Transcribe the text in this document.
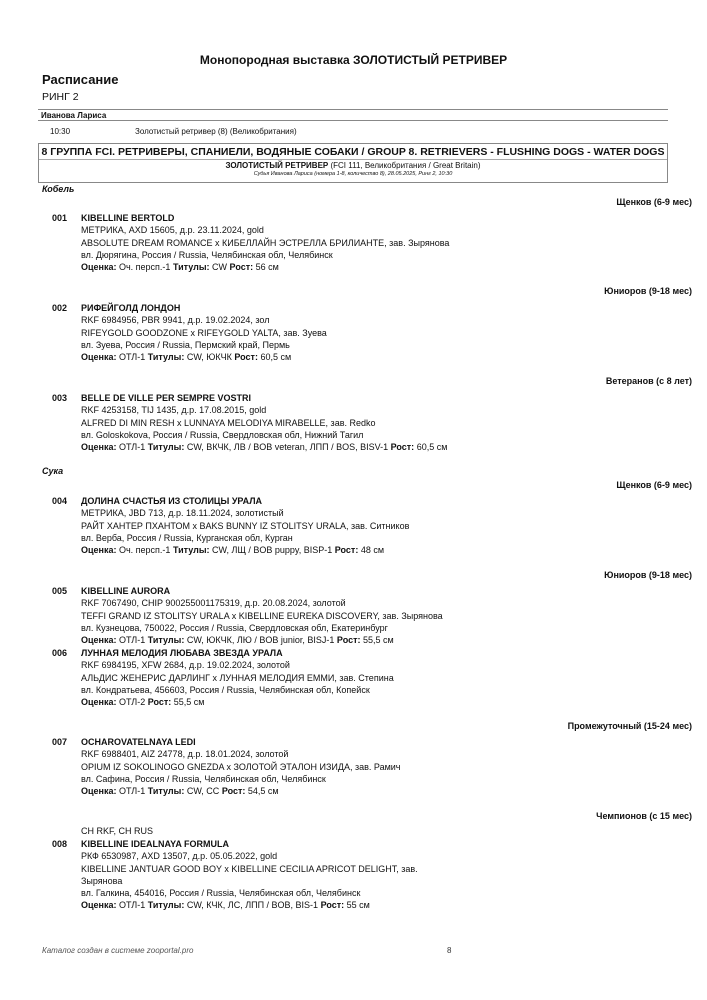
Монопородная выставка ЗОЛОТИСТЫЙ РЕТРИВЕР
Расписание
РИНГ 2
Иванова Лариса
10:30	Золотистый ретривер (8) (Великобритания)
8 ГРУППА FCI. РЕТРИВЕРЫ, СПАНИЕЛИ, ВОДЯНЫЕ СОБАКИ / GROUP 8. RETRIEVERS - FLUSHING DOGS - WATER DOGS
ЗОЛОТИСТЫЙ РЕТРИВЕР (FCI 111, Великобритания / Great Britain)
Судья Иванова Лариса (номера 1-8, количество 8), 28.05.2025, Ринг 2, 10:30
Кобель
Щенков (6-9 мес)
001 KIBELLINE BERTOLD
МЕТРИКА, AXD 15605, д.р. 23.11.2024, gold
ABSOLUTE DREAM ROMANCE x КИБЕЛЛАЙН ЭСТРЕЛЛА БРИЛИАНТЕ, зав. Зырянова
вл. Дюрягина, Россия / Russia, Челябинская обл, Челябинск
Оценка: Оч. персп.-1 Титулы: CW Рост: 56 см
Юниоров (9-18 мес)
002 РИФЕЙГОЛД ЛОНДОН
RKF 6984956, PBR 9941, д.р. 19.02.2024, зол
RIFEYGOLD GOODZONE x RIFEYGOLD YALTA, зав. Зуева
вл. Зуева, Россия / Russia, Пермский край, Пермь
Оценка: ОТЛ-1 Титулы: CW, ЮКЧК Рост: 60,5 см
Ветеранов (с 8 лет)
003 BELLE DE VILLE PER SEMPRE VOSTRI
RKF 4253158, TIJ 1435, д.р. 17.08.2015, gold
ALFRED DI MIN RESH x LUNNAYA MELODIYA MIRABELLE, зав. Redko
вл. Goloskokova, Россия / Russia, Свердловская обл, Нижний Тагил
Оценка: ОТЛ-1 Титулы: CW, ВКЧК, ЛВ / BOB veteran, ЛПП / BOS, BISV-1 Рост: 60,5 см
Сука
Щенков (6-9 мес)
004 ДОЛИНА СЧАСТЬЯ ИЗ СТОЛИЦЫ УРАЛА
МЕТРИКА, JBD 713, д.р. 18.11.2024, золотистый
РАЙТ ХАНТЕР ПХАНТОМ x BAKS BUNNY IZ STOLITSY URALA, зав. Ситников
вл. Верба, Россия / Russia, Курганская обл, Курган
Оценка: Оч. персп.-1 Титулы: CW, ЛЩ / BOB puppy, BISP-1 Рост: 48 см
Юниоров (9-18 мес)
005 KIBELLINE AURORA
RKF 7067490, CHIP 900255001175319, д.р. 20.08.2024, золотой
TEFFI GRAND IZ STOLITSY URALA x KIBELLINE EUREKA DISCOVERY, зав. Зырянова
вл. Кузнецова, 750022, Россия / Russia, Свердловская обл, Екатеринбург
Оценка: ОТЛ-1 Титулы: CW, ЮКЧК, ЛЮ / BOB junior, BISJ-1 Рост: 55,5 см
006 ЛУННАЯ МЕЛОДИЯ ЛЮБАВА ЗВЕЗДА УРАЛА
RKF 6984195, XFW 2684, д.р. 19.02.2024, золотой
АЛЬДИС ЖЕНЕРИС ДАРЛИНГ x ЛУННАЯ МЕЛОДИЯ ЕММИ, зав. Степина
вл. Кондратьева, 456603, Россия / Russia, Челябинская обл, Копейск
Оценка: ОТЛ-2 Рост: 55,5 см
Промежуточный (15-24 мес)
007 OCHAROVATELNAYA LEDI
RKF 6988401, AIZ 24778, д.р. 18.01.2024, золотой
OPIUM IZ SOKOLINOGO GNEZDA x ЗОЛОТОЙ ЭТАЛОН ИЗИДА, зав. Рамич
вл. Сафина, Россия / Russia, Челябинская обл, Челябинск
Оценка: ОТЛ-1 Титулы: CW, CC Рост: 54,5 см
Чемпионов (с 15 мес)
CH RKF, CH RUS
008 KIBELLINE IDEALNAYA FORMULA
РКФ 6530987, AXD 13507, д.р. 05.05.2022, gold
KIBELLINE JANTUAR GOOD BOY x KIBELLINE CECILIA APRICOT DELIGHT, зав.
Зырянова
вл. Галкина, 454016, Россия / Russia, Челябинская обл, Челябинск
Оценка: ОТЛ-1 Титулы: CW, КЧК, ЛС, ЛПП / BOB, BIS-1 Рост: 55 см
Каталог создан в системе zooportal.pro	8
